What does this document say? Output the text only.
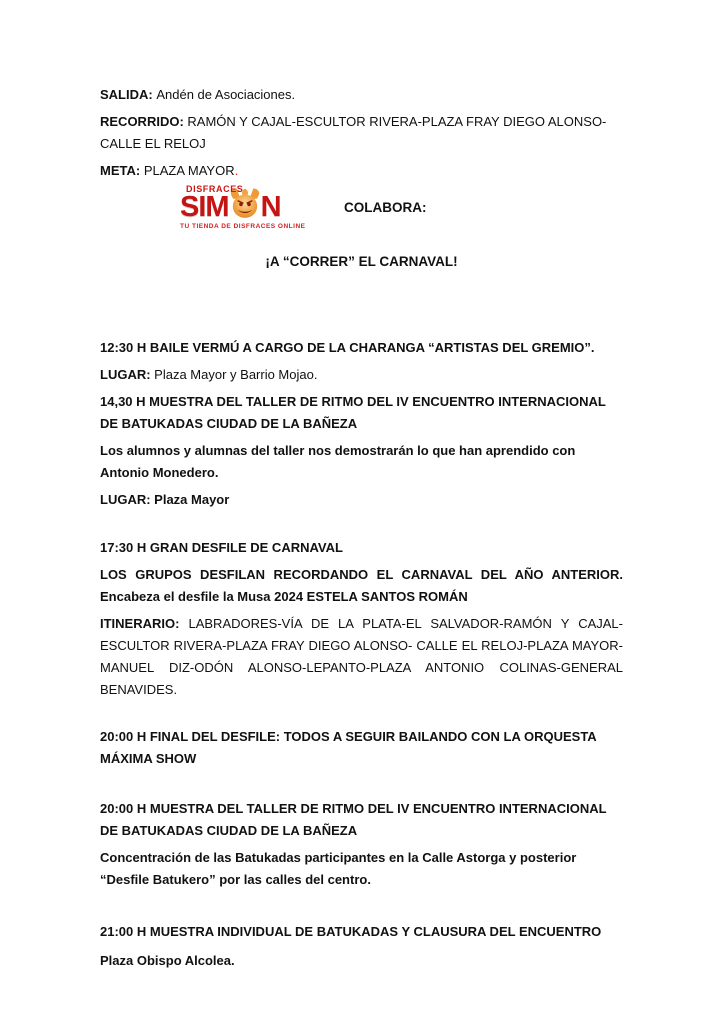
SALIDA: Andén de Asociaciones.

RECORRIDO: RAMÓN Y CAJAL-ESCULTOR RIVERA-PLAZA FRAY DIEGO ALONSO-CALLE EL RELOJ

META: PLAZA MAYOR.

DISFRACES
SIM N
TU TIENDA DE DISFRACES ONLINE
COLABORA:

¡A “CORRER” EL CARNAVAL!

12:30 H BAILE VERMÚ A CARGO DE LA CHARANGA “ARTISTAS DEL GREMIO”.

LUGAR: Plaza Mayor y Barrio Mojao.

14,30 H MUESTRA DEL TALLER DE RITMO DEL IV ENCUENTRO INTERNACIONAL DE BATUKADAS CIUDAD DE LA BAÑEZA

Los alumnos y alumnas del taller nos demostrarán lo que han aprendido con Antonio Monedero.

LUGAR: Plaza Mayor

17:30 H GRAN DESFILE DE CARNAVAL

LOS GRUPOS DESFILAN RECORDANDO EL CARNAVAL DEL AÑO ANTERIOR. Encabeza el desfile la Musa 2024 ESTELA SANTOS ROMÁN

ITINERARIO: LABRADORES-VÍA DE LA PLATA-EL SALVADOR-RAMÓN Y CAJAL-ESCULTOR RIVERA-PLAZA FRAY DIEGO ALONSO- CALLE EL RELOJ-PLAZA MAYOR-MANUEL DIZ-ODÓN ALONSO-LEPANTO-PLAZA ANTONIO COLINAS-GENERAL BENAVIDES.

20:00 H FINAL DEL DESFILE: TODOS A SEGUIR BAILANDO CON LA ORQUESTA MÁXIMA SHOW

20:00 H MUESTRA DEL TALLER DE RITMO DEL IV ENCUENTRO INTERNACIONAL DE BATUKADAS CIUDAD DE LA BAÑEZA

Concentración de las Batukadas participantes en la Calle Astorga y posterior “Desfile Batukero” por las calles del centro.

21:00 H MUESTRA INDIVIDUAL DE BATUKADAS Y CLAUSURA DEL ENCUENTRO

Plaza Obispo Alcolea.
